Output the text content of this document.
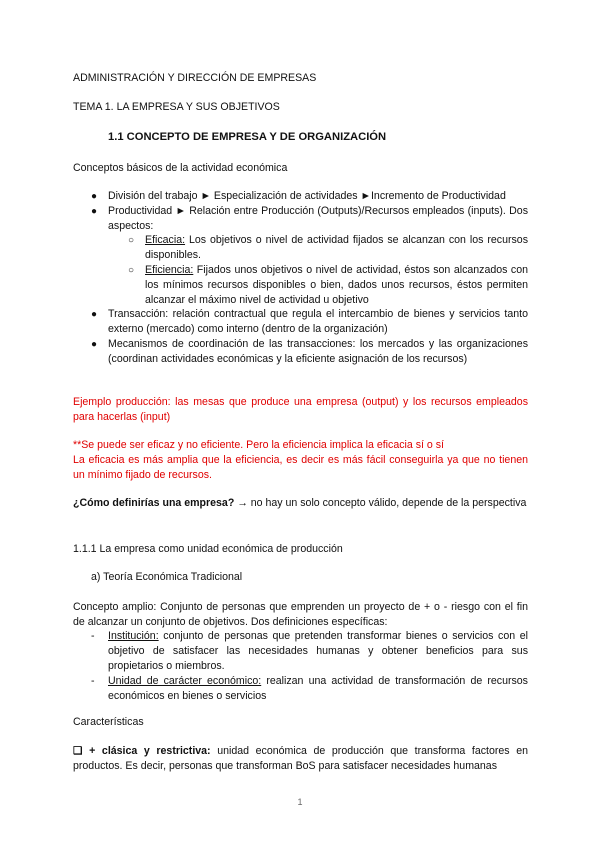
ADMINISTRACIÓN Y DIRECCIÓN DE EMPRESAS
TEMA 1. LA EMPRESA Y SUS OBJETIVOS
1.1 CONCEPTO DE EMPRESA Y DE ORGANIZACIÓN
Conceptos básicos de la actividad económica
● División del trabajo ► Especialización de actividades ►Incremento de Productividad
● Productividad ► Relación entre Producción (Outputs)/Recursos empleados (inputs). Dos aspectos:
○ Eficacia: Los objetivos o nivel de actividad fijados se alcanzan con los recursos disponibles.
○ Eficiencia: Fijados unos objetivos o nivel de actividad, éstos son alcanzados con los mínimos recursos disponibles o bien, dados unos recursos, éstos permiten alcanzar el máximo nivel de actividad u objetivo
● Transacción: relación contractual que regula el intercambio de bienes y servicios tanto externo (mercado) como interno (dentro de la organización)
● Mecanismos de coordinación de las transacciones: los mercados y las organizaciones (coordinan actividades económicas y la eficiente asignación de los recursos)
Ejemplo producción: las mesas que produce una empresa (output) y los recursos empleados para hacerlas (input)
**Se puede ser eficaz y no eficiente. Pero la eficiencia implica la eficacia sí o sí
La eficacia es más amplia que la eficiencia, es decir es más fácil conseguirla ya que no tienen un mínimo fijado de recursos.
¿Cómo definirías una empresa? → no hay un solo concepto válido, depende de la perspectiva
1.1.1 La empresa como unidad económica de producción
a) Teoría Económica Tradicional
Concepto amplio: Conjunto de personas que emprenden un proyecto de + o - riesgo con el fin de alcanzar un conjunto de objetivos. Dos definiciones específicas:
- Institución: conjunto de personas que pretenden transformar bienes o servicios con el objetivo de satisfacer las necesidades humanas y obtener beneficios para sus propietarios o miembros.
- Unidad de carácter económico: realizan una actividad de transformación de recursos económicos en bienes o servicios
Características
❏ + clásica y restrictiva: unidad económica de producción que transforma factores en productos. Es decir, personas que transforman BoS para satisfacer necesidades humanas
1
